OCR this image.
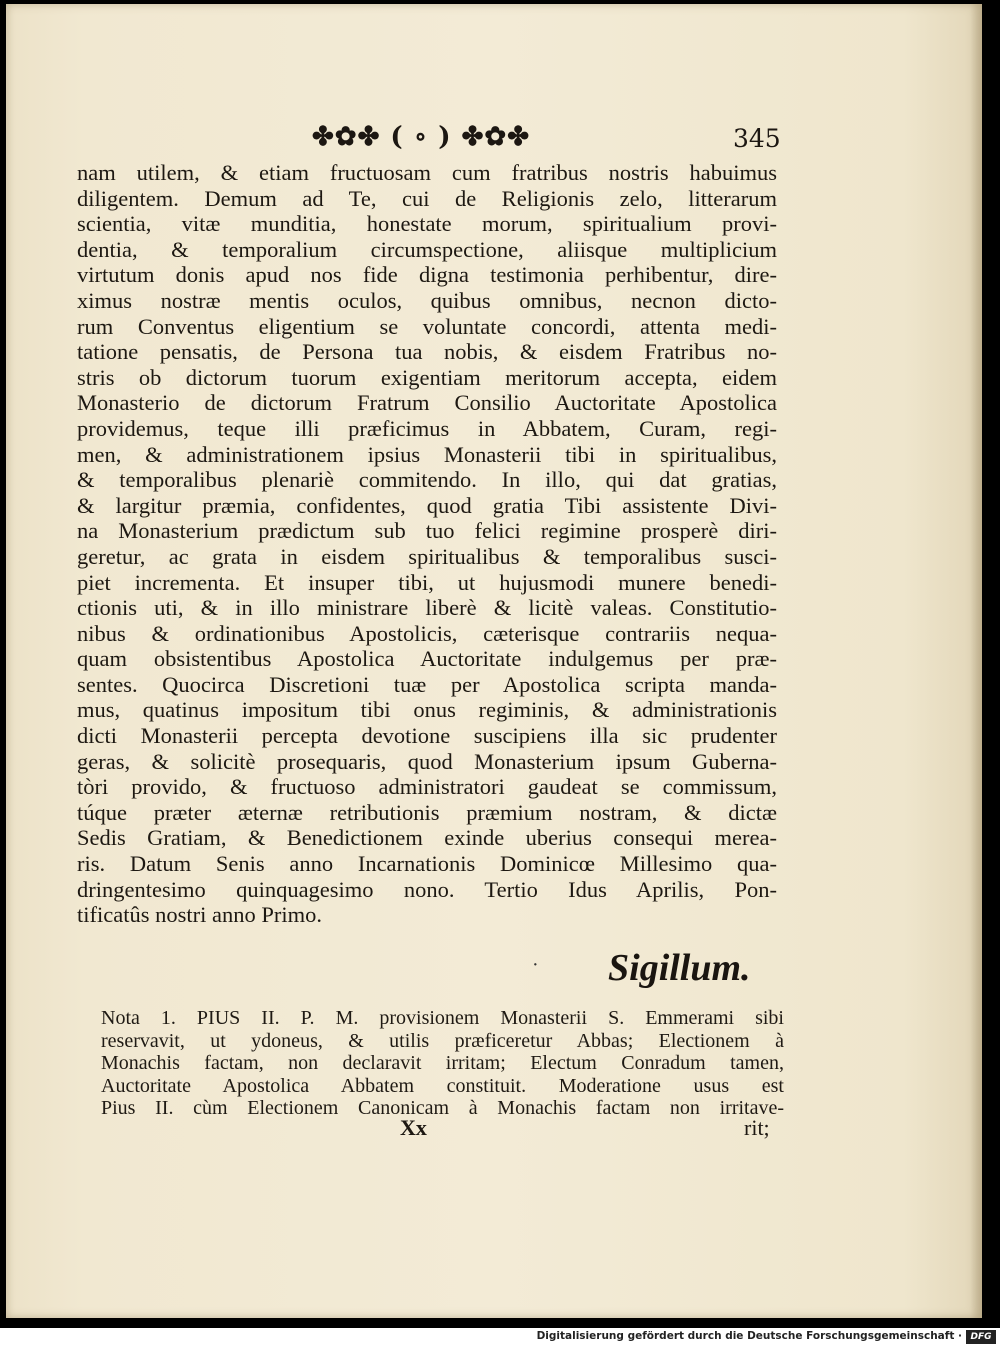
✤✿✤ ( ∘ ) ✤✿✤	345
nam utilem, & etiam fructuosam cum fratribus nostris habuimus
diligentem. Demum ad Te, cui de Religionis zelo, litterarum
scientia, vitæ munditia, honestate morum, spiritualium provi-
dentia, & temporalium circumspectione, aliisque multiplicium
virtutum donis apud nos fide digna testimonia perhibentur, dire-
ximus nostræ mentis oculos, quibus omnibus, necnon dicto-
rum Conventus eligentium se voluntate concordi, attenta medi-
tatione pensatis, de Persona tua nobis, & eisdem Fratribus no-
stris ob dictorum tuorum exigentiam meritorum accepta, eidem
Monasterio de dictorum Fratrum Consilio Auctoritate Apostolica
providemus, teque illi præficimus in Abbatem, Curam, regi-
men, & administrationem ipsius Monasterii tibi in spiritualibus,
& temporalibus plenariè commitendo. In illo, qui dat gratias,
& largitur præmia, confidentes, quod gratia Tibi assistente Divi-
na Monasterium prædictum sub tuo felici regimine prosperè diri-
geretur, ac grata in eisdem spiritualibus & temporalibus susci-
piet incrementa. Et insuper tibi, ut hujusmodi munere benedi-
ctionis uti, & in illo ministrare liberè & licitè valeas. Constitutio-
nibus & ordinationibus Apostolicis, cæterisque contrariis nequa-
quam obsistentibus Apostolica Auctoritate indulgemus per præ-
sentes. Quocirca Discretioni tuæ per Apostolica scripta manda-
mus, quatinus impositum tibi onus regiminis, & administrationis
dicti Monasterii percepta devotione suscipiens illa sic prudenter
geras, & solicitè prosequaris, quod Monasterium ipsum Guberna-
tòri provido, & fructuoso administratori gaudeat se commissum,
túque præter æternæ retributionis præmium nostram, & dictæ
Sedis Gratiam, & Benedictionem exinde uberius consequi merea-
ris. Datum Senis anno Incarnationis Dominicœ Millesimo qua-
dringentesimo quinquagesimo nono. Tertio Idus Aprilis, Pon-
tificatûs nostri anno Primo.
· Sigillum.
Nota 1. PIUS II. P. M. provisionem Monasterii S. Emmerami sibi
reservavit, ut ydoneus, & utilis præficeretur Abbas; Electionem à
Monachis factam, non declaravit irritam; Electum Conradum tamen,
Auctoritate Apostolica Abbatem constituit. Moderatione usus est
Pius II. cùm Electionem Canonicam à Monachis factam non irritave-
Xx	rit;
Digitalisierung gefördert durch die Deutsche Forschungsgemeinschaft · DFG
